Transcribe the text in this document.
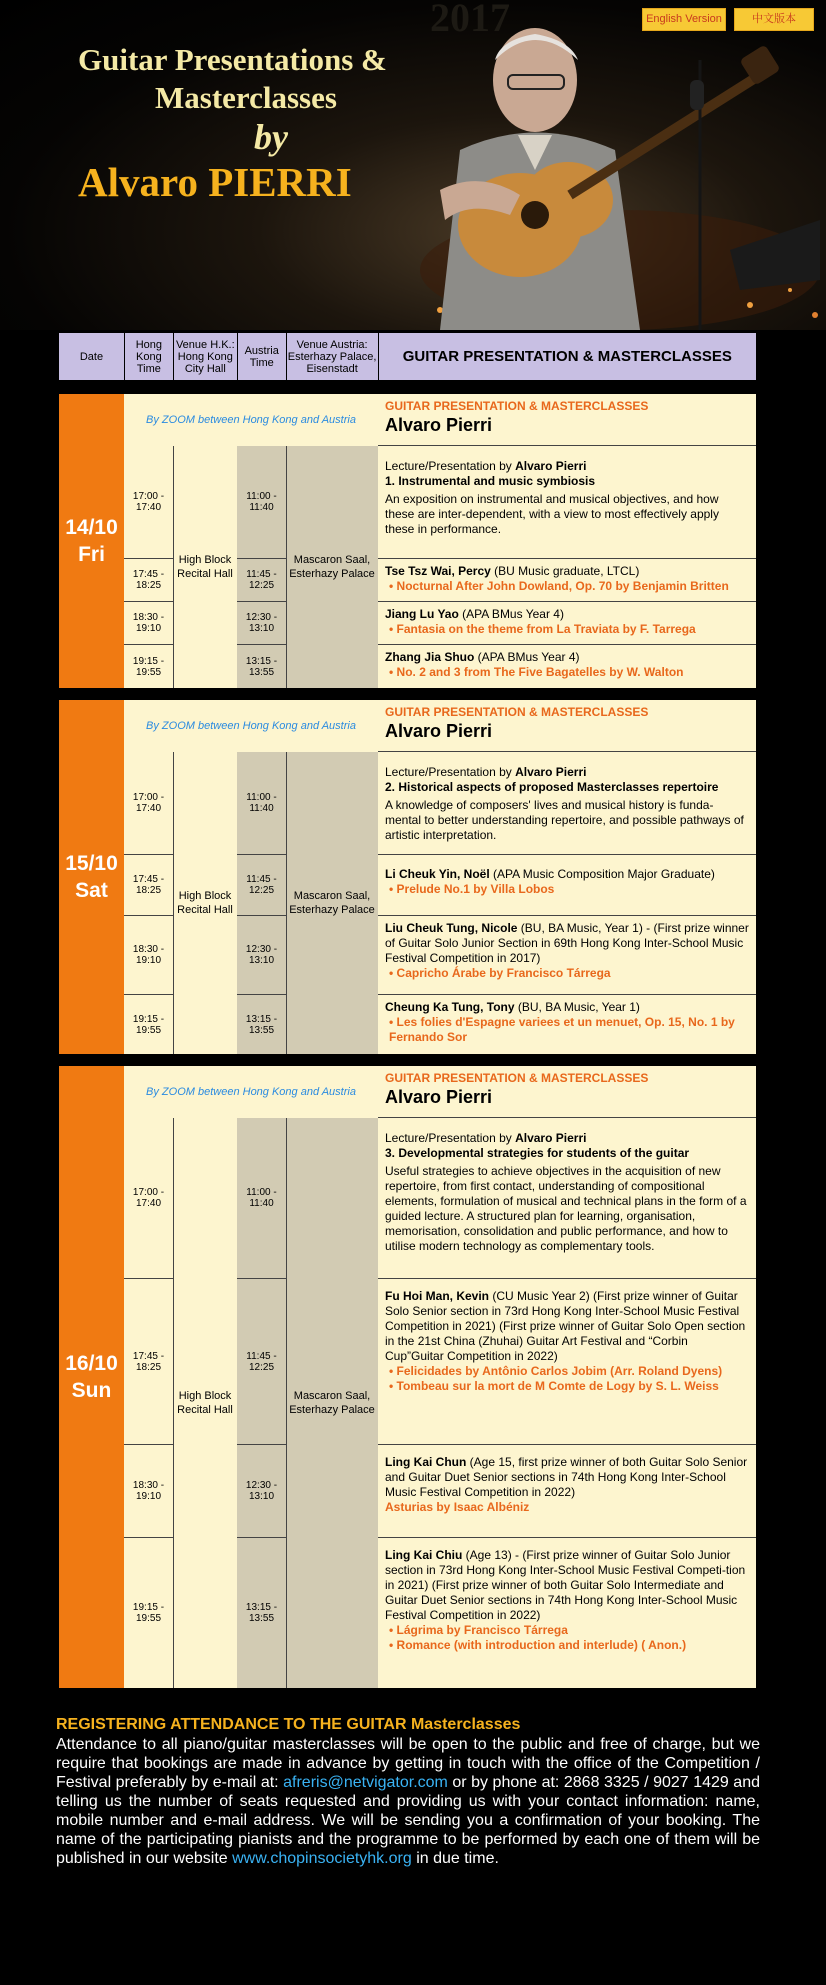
2017
Guitar Presentations &
Masterclasses
by
Alvaro PIERRI
English Version	中文版本
Date
Hong Kong Time
Venue H.K.: Hong Kong City Hall
Austria Time
Venue Austria: Esterhazy Palace, Eisenstadt
GUITAR PRESENTATION & MASTERCLASSES
14/10
Fri
By ZOOM between Hong Kong and Austria
GUITAR PRESENTATION & MASTERCLASSES
Alvaro Pierri
High Block Recital Hall
Mascaron Saal, Esterhazy Palace
17:00 - 17:40
11:00 - 11:40
Lecture/Presentation by Alvaro Pierri
1. Instrumental and music symbiosis
An exposition on instrumental and musical objectives, and how these are inter-dependent, with a view to most effectively apply these in performance.
17:45 - 18:25
11:45 - 12:25
Tse Tsz Wai, Percy (BU Music graduate, LTCL)
• Nocturnal After John Dowland, Op. 70 by Benjamin Britten
18:30 - 19:10
12:30 - 13:10
Jiang Lu Yao (APA BMus Year 4)
• Fantasia on the theme from La Traviata by F. Tarrega
19:15 - 19:55
13:15 - 13:55
Zhang Jia Shuo (APA BMus Year 4)
• No. 2 and 3 from The Five Bagatelles by W. Walton
15/10
Sat
By ZOOM between Hong Kong and Austria
GUITAR PRESENTATION & MASTERCLASSES
Alvaro Pierri
High Block Recital Hall
Mascaron Saal, Esterhazy Palace
17:00 - 17:40
11:00 - 11:40
Lecture/Presentation by Alvaro Pierri
2. Historical aspects of proposed Masterclasses repertoire
A knowledge of composers' lives and musical history is funda-mental to better understanding repertoire, and possible pathways of artistic interpretation.
17:45 - 18:25
11:45 - 12:25
Li Cheuk Yin, Noël (APA Music Composition Major Graduate)
• Prelude No.1 by Villa Lobos
18:30 - 19:10
12:30 - 13:10
Liu Cheuk Tung, Nicole (BU, BA Music, Year 1) - (First prize winner of Guitar Solo Junior Section in 69th Hong Kong Inter-School Music Festival Competition in 2017)
• Capricho Árabe by Francisco Tárrega
19:15 - 19:55
13:15 - 13:55
Cheung Ka Tung, Tony (BU, BA Music, Year 1)
• Les folies d'Espagne variees et un menuet, Op. 15, No. 1 by Fernando Sor
16/10
Sun
By ZOOM between Hong Kong and Austria
GUITAR PRESENTATION & MASTERCLASSES
Alvaro Pierri
High Block Recital Hall
Mascaron Saal, Esterhazy Palace
17:00 - 17:40
11:00 - 11:40
Lecture/Presentation by Alvaro Pierri
3. Developmental strategies for students of the guitar
Useful strategies to achieve objectives in the acquisition of new repertoire, from first contact, understanding of compositional elements, formulation of musical and technical plans in the form of a guided lecture. A structured plan for learning, organisation, memorisation, consolidation and public performance, and how to utilise modern technology as complementary tools.
17:45 - 18:25
11:45 - 12:25
Fu Hoi Man, Kevin (CU Music Year 2) (First prize winner of Guitar Solo Senior section in 73rd Hong Kong Inter-School Music Festival Competition in 2021) (First prize winner of Guitar Solo Open section in the 21st China (Zhuhai) Guitar Art Festival and “Corbin Cup”Guitar Competition in 2022)
• Felicidades by Antônio Carlos Jobim (Arr. Roland Dyens)
• Tombeau sur la mort de M Comte de Logy by S. L. Weiss
18:30 - 19:10
12:30 - 13:10
Ling Kai Chun (Age 15, first prize winner of both Guitar Solo Senior and Guitar Duet Senior sections in 74th Hong Kong Inter-School Music Festival Competition in 2022)
Asturias by Isaac Albéniz
19:15 - 19:55
13:15 - 13:55
Ling Kai Chiu (Age 13) - (First prize winner of Guitar Solo Junior section in 73rd Hong Kong Inter-School Music Festival Competi-tion in 2021) (First prize winner of both Guitar Solo Intermediate and Guitar Duet Senior sections in 74th Hong Kong Inter-School Music Festival Competition in 2022)
• Lágrima by Francisco Tárrega
• Romance (with introduction and interlude) ( Anon.)
REGISTERING ATTENDANCE TO THE GUITAR Masterclasses
Attendance to all piano/guitar masterclasses will be open to the public and free of charge, but we require that bookings are made in advance by getting in touch with the office of the Competition / Festival preferably by e-mail at: afreris@netvigator.com or by phone at: 2868 3325 / 9027 1429 and telling us the number of seats requested and providing us with your contact information: name, mobile number and e-mail address. We will be sending you a confirmation of your booking. The name of the participating pianists and the programme to be performed by each one of them will be published in our website www.chopinsocietyhk.org in due time.
